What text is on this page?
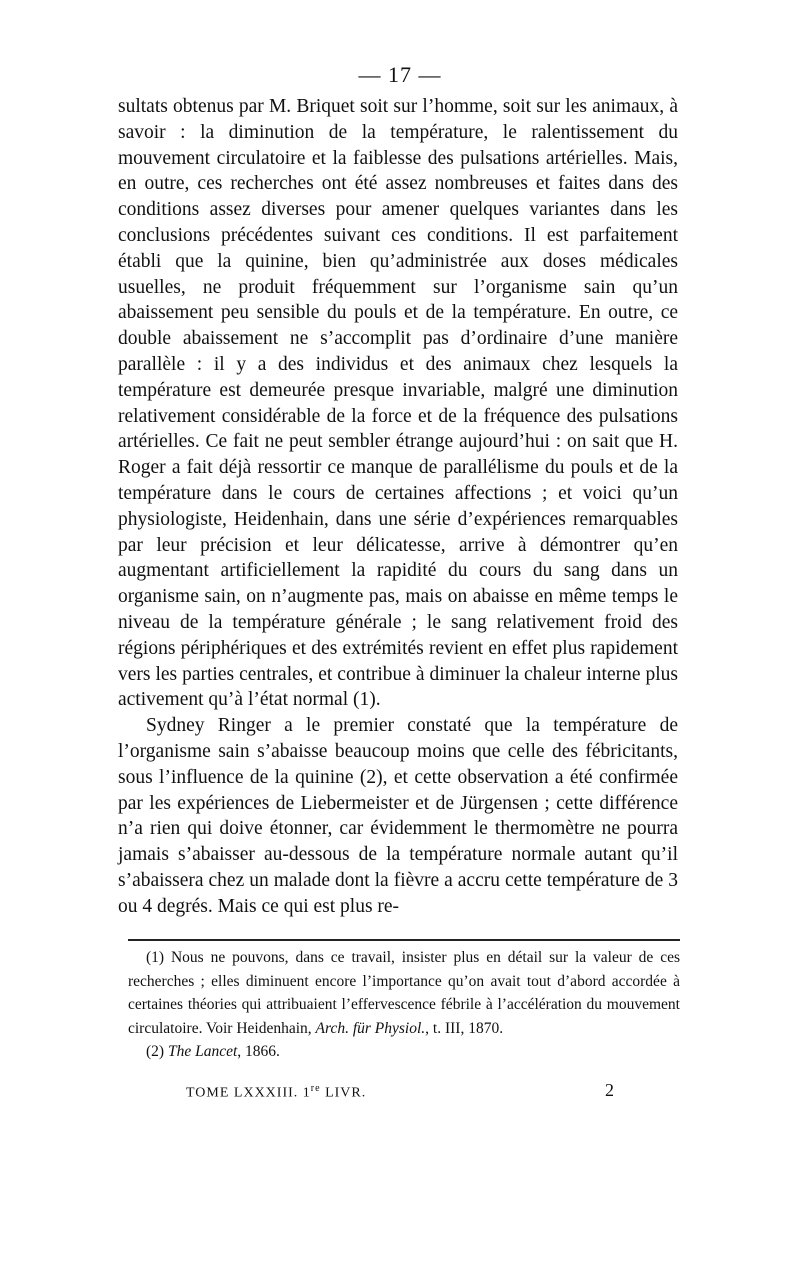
— 17 —

sultats obtenus par M. Briquet soit sur l’homme, soit sur les animaux, à savoir : la diminution de la température, le ralentissement du mouvement circulatoire et la faiblesse des pulsations artérielles. Mais, en outre, ces recherches ont été assez nombreuses et faites dans des conditions assez diverses pour amener quelques variantes dans les conclusions précédentes suivant ces conditions. Il est parfaitement établi que la quinine, bien qu’administrée aux doses médicales usuelles, ne produit fréquemment sur l’organisme sain qu’un abaissement peu sensible du pouls et de la température. En outre, ce double abaissement ne s’accomplit pas d’ordinaire d’une manière parallèle : il y a des individus et des animaux chez lesquels la température est demeurée presque invariable, malgré une diminution relativement considérable de la force et de la fréquence des pulsations artérielles. Ce fait ne peut sembler étrange aujourd’hui : on sait que H. Roger a fait déjà ressortir ce manque de parallélisme du pouls et de la température dans le cours de certaines affections ; et voici qu’un physiologiste, Heidenhain, dans une série d’expériences remarquables par leur précision et leur délicatesse, arrive à démontrer qu’en augmentant artificiellement la rapidité du cours du sang dans un organisme sain, on n’augmente pas, mais on abaisse en même temps le niveau de la température générale ; le sang relativement froid des régions périphériques et des extrémités revient en effet plus rapidement vers les parties centrales, et contribue à diminuer la chaleur interne plus activement qu’à l’état normal (1).

Sydney Ringer a le premier constaté que la température de l’organisme sain s’abaisse beaucoup moins que celle des fébricitants, sous l’influence de la quinine (2), et cette observation a été confirmée par les expériences de Liebermeister et de Jürgensen ; cette différence n’a rien qui doive étonner, car évidemment le thermomètre ne pourra jamais s’abaisser au-dessous de la température normale autant qu’il s’abaissera chez un malade dont la fièvre a accru cette température de 3 ou 4 degrés. Mais ce qui est plus re-

(1) Nous ne pouvons, dans ce travail, insister plus en détail sur la valeur de ces recherches ; elles diminuent encore l’importance qu’on avait tout d’abord accordée à certaines théories qui attribuaient l’effervescence fébrile à l’accélération du mouvement circulatoire. Voir Heidenhain, Arch. für Physiol., t. III, 1870.

(2) The Lancet, 1866.

TOME LXXXIII. 1re LIVR.	2
